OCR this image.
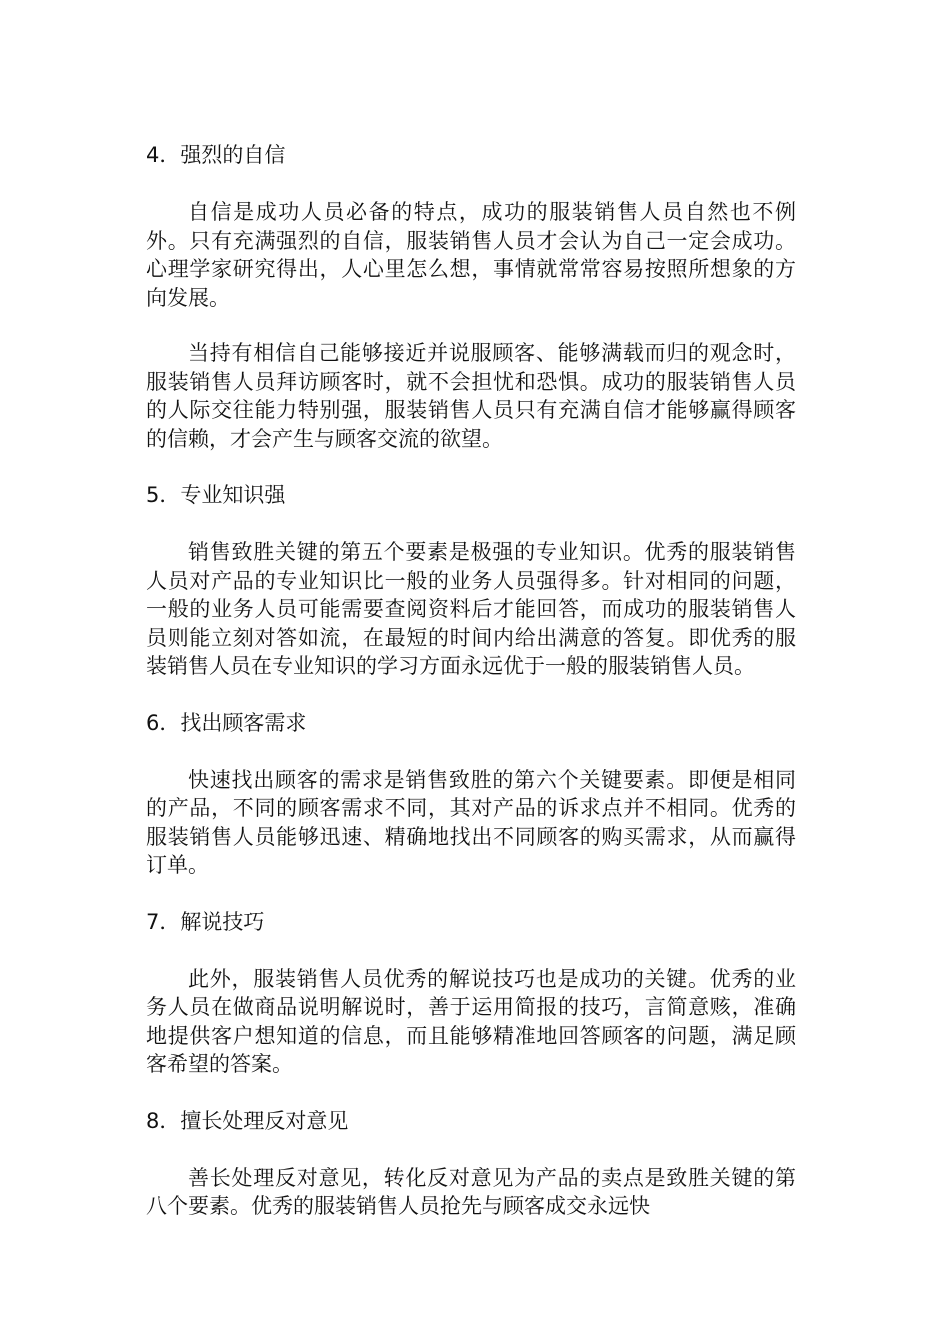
4．强烈的自信

自信是成功人员必备的特点，成功的服装销售人员自然也不例外。只有充满强烈的自信，服装销售人员才会认为自己一定会成功。心理学家研究得出，人心里怎么想，事情就常常容易按照所想象的方向发展。

当持有相信自己能够接近并说服顾客、能够满载而归的观念时，服装销售人员拜访顾客时，就不会担忧和恐惧。成功的服装销售人员的人际交往能力特别强，服装销售人员只有充满自信才能够赢得顾客的信赖，才会产生与顾客交流的欲望。

5．专业知识强

销售致胜关键的第五个要素是极强的专业知识。优秀的服装销售人员对产品的专业知识比一般的业务人员强得多。针对相同的问题，一般的业务人员可能需要查阅资料后才能回答，而成功的服装销售人员则能立刻对答如流，在最短的时间内给出满意的答复。即优秀的服装销售人员在专业知识的学习方面永远优于一般的服装销售人员。

6．找出顾客需求

快速找出顾客的需求是销售致胜的第六个关键要素。即便是相同的产品，不同的顾客需求不同，其对产品的诉求点并不相同。优秀的服装销售人员能够迅速、精确地找出不同顾客的购买需求，从而赢得订单。

7．解说技巧

此外，服装销售人员优秀的解说技巧也是成功的关键。优秀的业务人员在做商品说明解说时，善于运用简报的技巧，言简意赅，准确地提供客户想知道的信息，而且能够精准地回答顾客的问题，满足顾客希望的答案。

8．擅长处理反对意见

善长处理反对意见，转化反对意见为产品的卖点是致胜关键的第八个要素。优秀的服装销售人员抢先与顾客成交永远快
